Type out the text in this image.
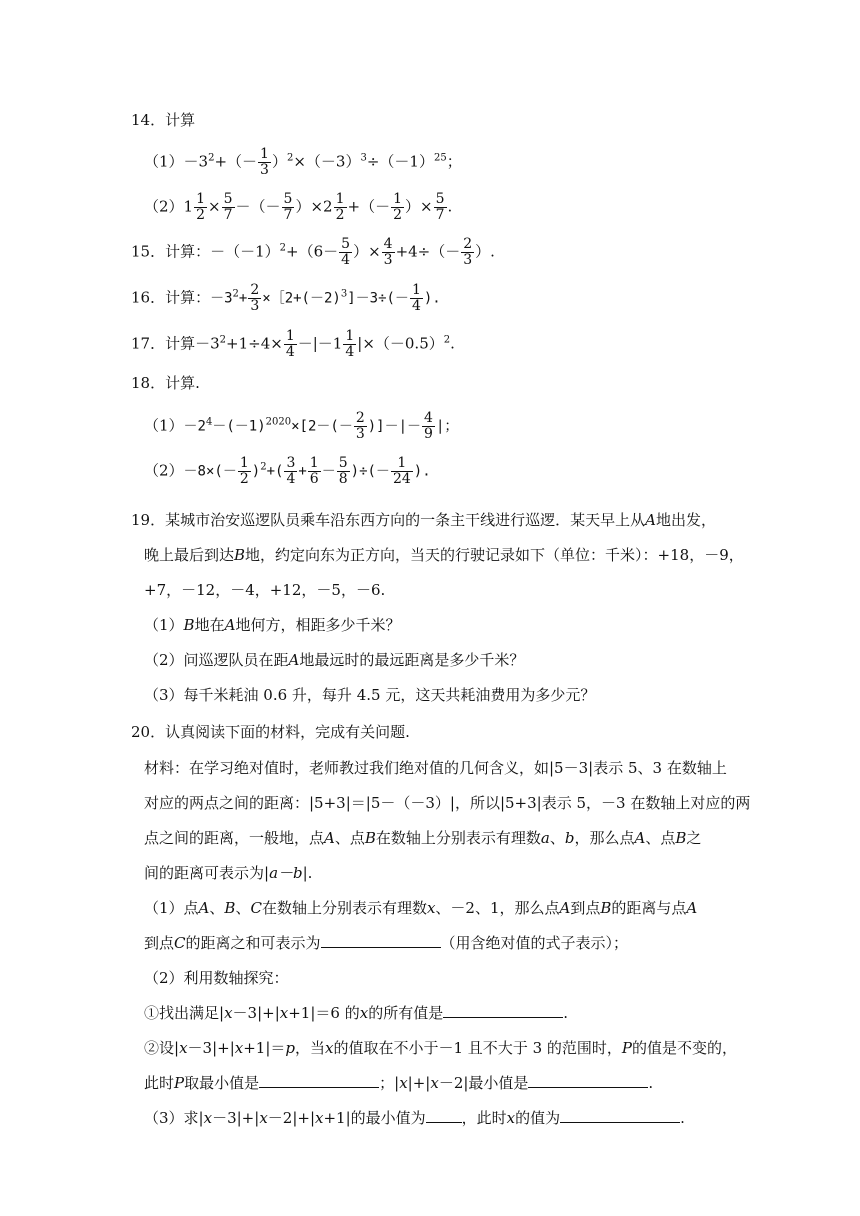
14．计算
$(1)-3^2+(- \frac{1}{3} )^2\times(-3)^3\div(-1)^{25}$；
$(2)1 \frac{1}{2} \times \frac{5}{7}$ －（－ $\frac{5}{7} )\times 2 \frac{1}{2}$ +（－ $\frac{1}{2}$ ）× $\frac{5}{7}$ .
15．计算：$-(-1)^2+(6- \frac{5}{4}$ ）× $\frac{4}{3} +4\div(- \frac{2}{3}$ ）.
16．计算：$-3^2+ \frac{2}{3}$ $\times[2+(-2)^3]-3\div(- \frac{1}{4}$ ).
17．计算$-3^2+1\div 4\times \frac{1}{4} -|-1 \frac{1}{4} |\times(-0.5)^2$.
18．计算.
$(1)-2^4-(-1)^{2020}\times[2-(- \frac{2}{3}$ )]－|－ $\frac{4}{9}$ |；
$(2)-8\times(- \frac{1}{2} )^2+( \frac{3}{4} + \frac{1}{6} - \frac{5}{8}$ )÷(－ $\frac{1}{24}$ ).
19．某城市治安巡逻队员乘车沿东西方向的一条主干线进行巡逻．某天早上从A地出发，
晚上最后到达B地，约定向东为正方向，当天的行驶记录如下（单位：千米）：+18，－9，
+7，－12，－4，+12，－5，－6.
（1）B地在A地何方，相距多少千米？
（2）问巡逻队员在距A地最远时的最远距离是多少千米？
（3）每千米耗油 0.6 升，每升 4.5 元，这天共耗油费用为多少元？
20．认真阅读下面的材料，完成有关问题.
材料：在学习绝对值时，老师教过我们绝对值的几何含义，如|5－3|表示 5、3 在数轴上
对应的两点之间的距离：|5+3|＝|5－（－3）|，所以|5+3|表示 5，－3 在数轴上对应的两
点之间的距离，一般地，点A、点B在数轴上分别表示有理数a、b，那么点A、点B之
间的距离可表示为|a－b|.
（1）点A、B、C在数轴上分别表示有理数x、－2、1，那么点A到点B的距离与点A
到点C的距离之和可表示为	（用含绝对值的式子表示）；
（2）利用数轴探究：
①找出满足|x－3|+|x+1|＝6 的x的所有值是	.
②设|x－3|+|x+1|＝p，当x的值取在不小于－1 且不大于 3 的范围时，P的值是不变的，
此时P取最小值是	；|x|+|x－2|最小值是	.
（3）求|x－3|+|x－2|+|x+1|的最小值为 ，此时x的值为	.
